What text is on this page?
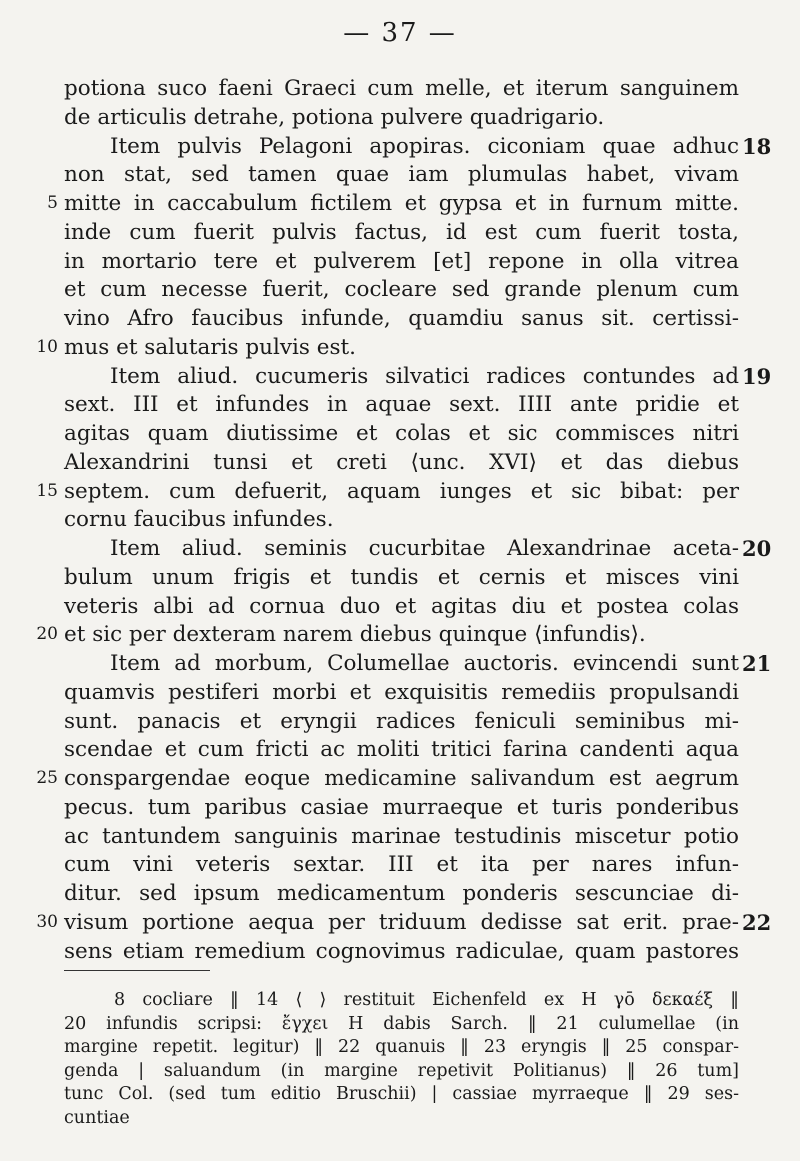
— 37 —
potiona suco faeni Graeci cum melle, et iterum sanguinem
de articulis detrahe, potiona pulvere quadrigario.
Item pulvis Pelagoni apopiras. ciconiam quae adhuc 18
non stat, sed tamen quae iam plumulas habet, vivam
mitte in caccabulum fictilem et gypsa et in furnum mitte.
5
inde cum fuerit pulvis factus, id est cum fuerit tosta,
in mortario tere et pulverem [et] repone in olla vitrea
et cum necesse fuerit, cocleare sed grande plenum cum
vino Afro faucibus infunde, quamdiu sanus sit. certissi-
mus et salutaris pulvis est.
10
Item aliud. cucumeris silvatici radices contundes ad 19
sext. III et infundes in aquae sext. IIII ante pridie et
agitas quam diutissime et colas et sic commisces nitri
Alexandrini tunsi et creti ⟨unc. XVI⟩ et das diebus
septem. cum defuerit, aquam iunges et sic bibat: per
15
cornu faucibus infundes.
Item aliud. seminis cucurbitae Alexandrinae aceta- 20
bulum unum frigis et tundis et cernis et misces vini
veteris albi ad cornua duo et agitas diu et postea colas
et sic per dexteram narem diebus quinque ⟨infundis⟩.
20
Item ad morbum, Columellae auctoris. evincendi sunt 21
quamvis pestiferi morbi et exquisitis remediis propulsandi
sunt. panacis et eryngii radices feniculi seminibus mi-
scendae et cum fricti ac moliti tritici farina candenti aqua
conspargendae eoque medicamine salivandum est aegrum
25
pecus. tum paribus casiae murraeque et turis ponderibus
ac tantundem sanguinis marinae testudinis miscetur potio
cum vini veteris sextar. III et ita per nares infun-
ditur. sed ipsum medicamentum ponderis sescunciae di-
visum portione aequa per triduum dedisse sat erit. prae-
30	22
sens etiam remedium cognovimus radiculae, quam pastores
8 cocliare ‖ 14 ⟨ ⟩ restituit Eichenfeld ex H γō δεκαέξ ‖
20 infundis scripsi: ἔγχει H dabis Sarch. ‖ 21 culumellae (in
margine repetit. legitur) ‖ 22 quanuis ‖ 23 eryngis ‖ 25 conspar-
genda | saluandum (in margine repetivit Politianus) ‖ 26 tum]
tunc Col. (sed tum editio Bruschii) | cassiae myrraeque ‖ 29 ses-
cuntiae
